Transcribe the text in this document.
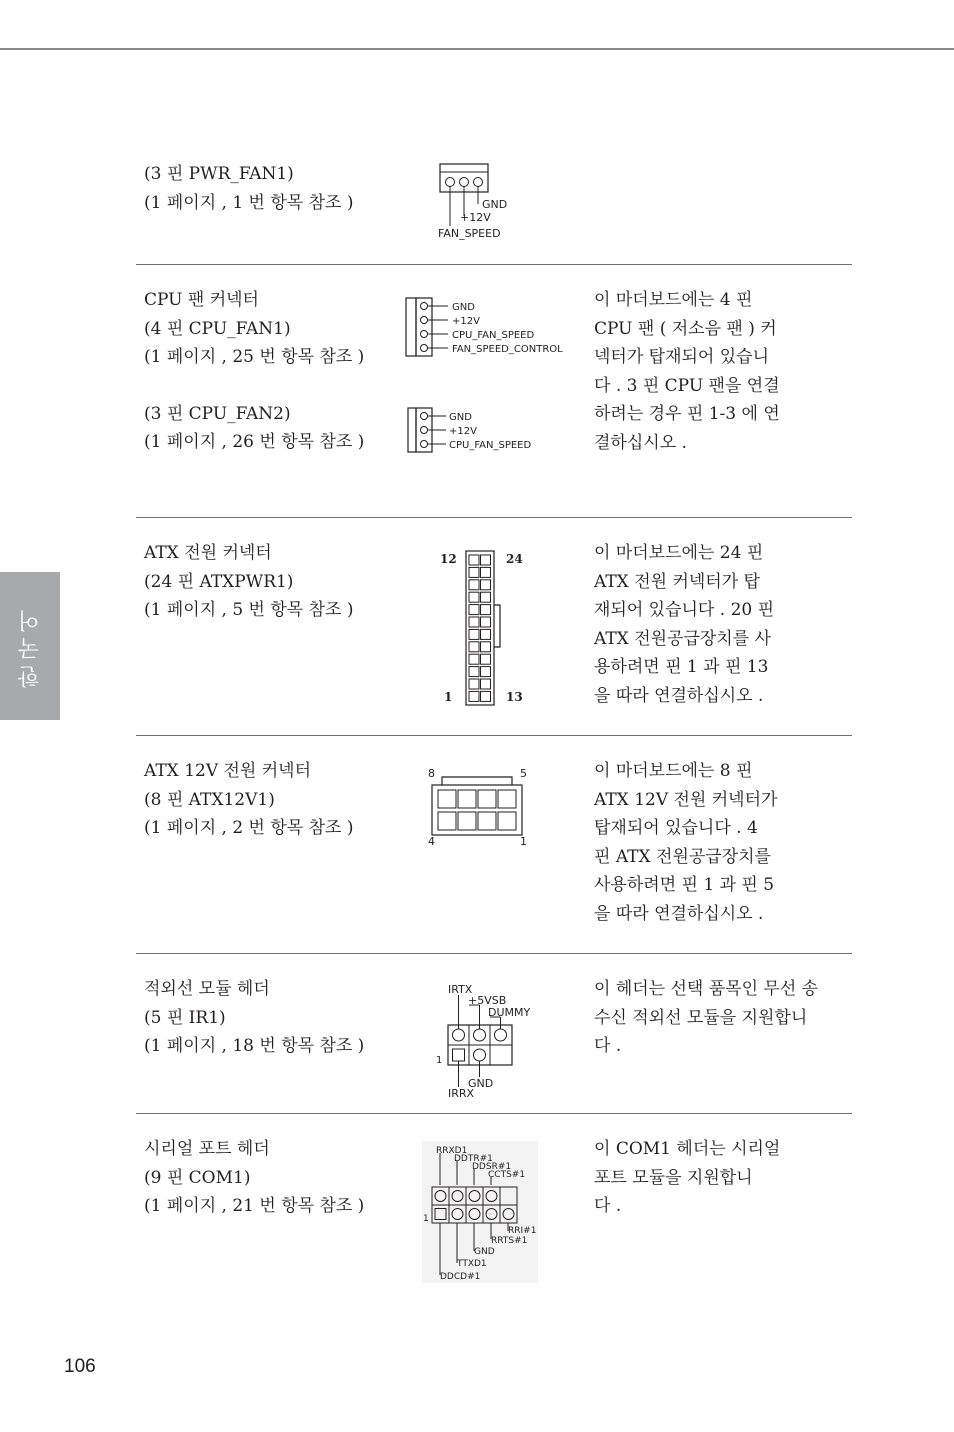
한국어
(3 핀 PWR_FAN1)
(1 페이지 , 1 번 항목 참조 )	GND
+12V
FAN_SPEED
CPU 팬 커넥터
(4 핀 CPU_FAN1)
(1 페이지 , 25 번 항목 참조 )
(3 핀 CPU_FAN2)
(1 페이지 , 26 번 항목 참조 )
GND
+12V
CPU_FAN_SPEED
FAN_SPEED_CONTROL
GND
+12V
CPU_FAN_SPEED
이 마더보드에는 4 핀
CPU 팬 ( 저소음 팬 ) 커
넥터가 탑재되어 있습니
다 . 3 핀 CPU 팬을 연결
하려는 경우 핀 1-3 에 연
결하십시오 .
ATX 전원 커넥터
(24 핀 ATXPWR1)
(1 페이지 , 5 번 항목 참조 )
12	24
1	13
이 마더보드에는 24 핀
ATX 전원 커넥터가 탑
재되어 있습니다 . 20 핀
ATX 전원공급장치를 사
용하려면 핀 1 과 핀 13
을 따라 연결하십시오 .
ATX 12V 전원 커넥터
(8 핀 ATX12V1)
(1 페이지 , 2 번 항목 참조 )
8	5
4	1
이 마더보드에는 8 핀
ATX 12V 전원 커넥터가
탑재되어 있습니다 . 4
핀 ATX 전원공급장치를
사용하려면 핀 1 과 핀 5
을 따라 연결하십시오 .
적외선 모듈 헤더
(5 핀 IR1)
(1 페이지 , 18 번 항목 참조 )
IRTX
+5VSB
DUMMY
1
GND
IRRX
이 헤더는 선택 품목인 무선 송
수신 적외선 모듈을 지원합니
다 .
시리얼 포트 헤더
(9 핀 COM1)
(1 페이지 , 21 번 항목 참조 )
RRXD1
DDTR#1
DDSR#1
CCTS#1
1
RRI#1
RRTS#1
GND
TTXD1
DDCD#1
이 COM1 헤더는 시리얼
포트 모듈을 지원합니
다 .
106
